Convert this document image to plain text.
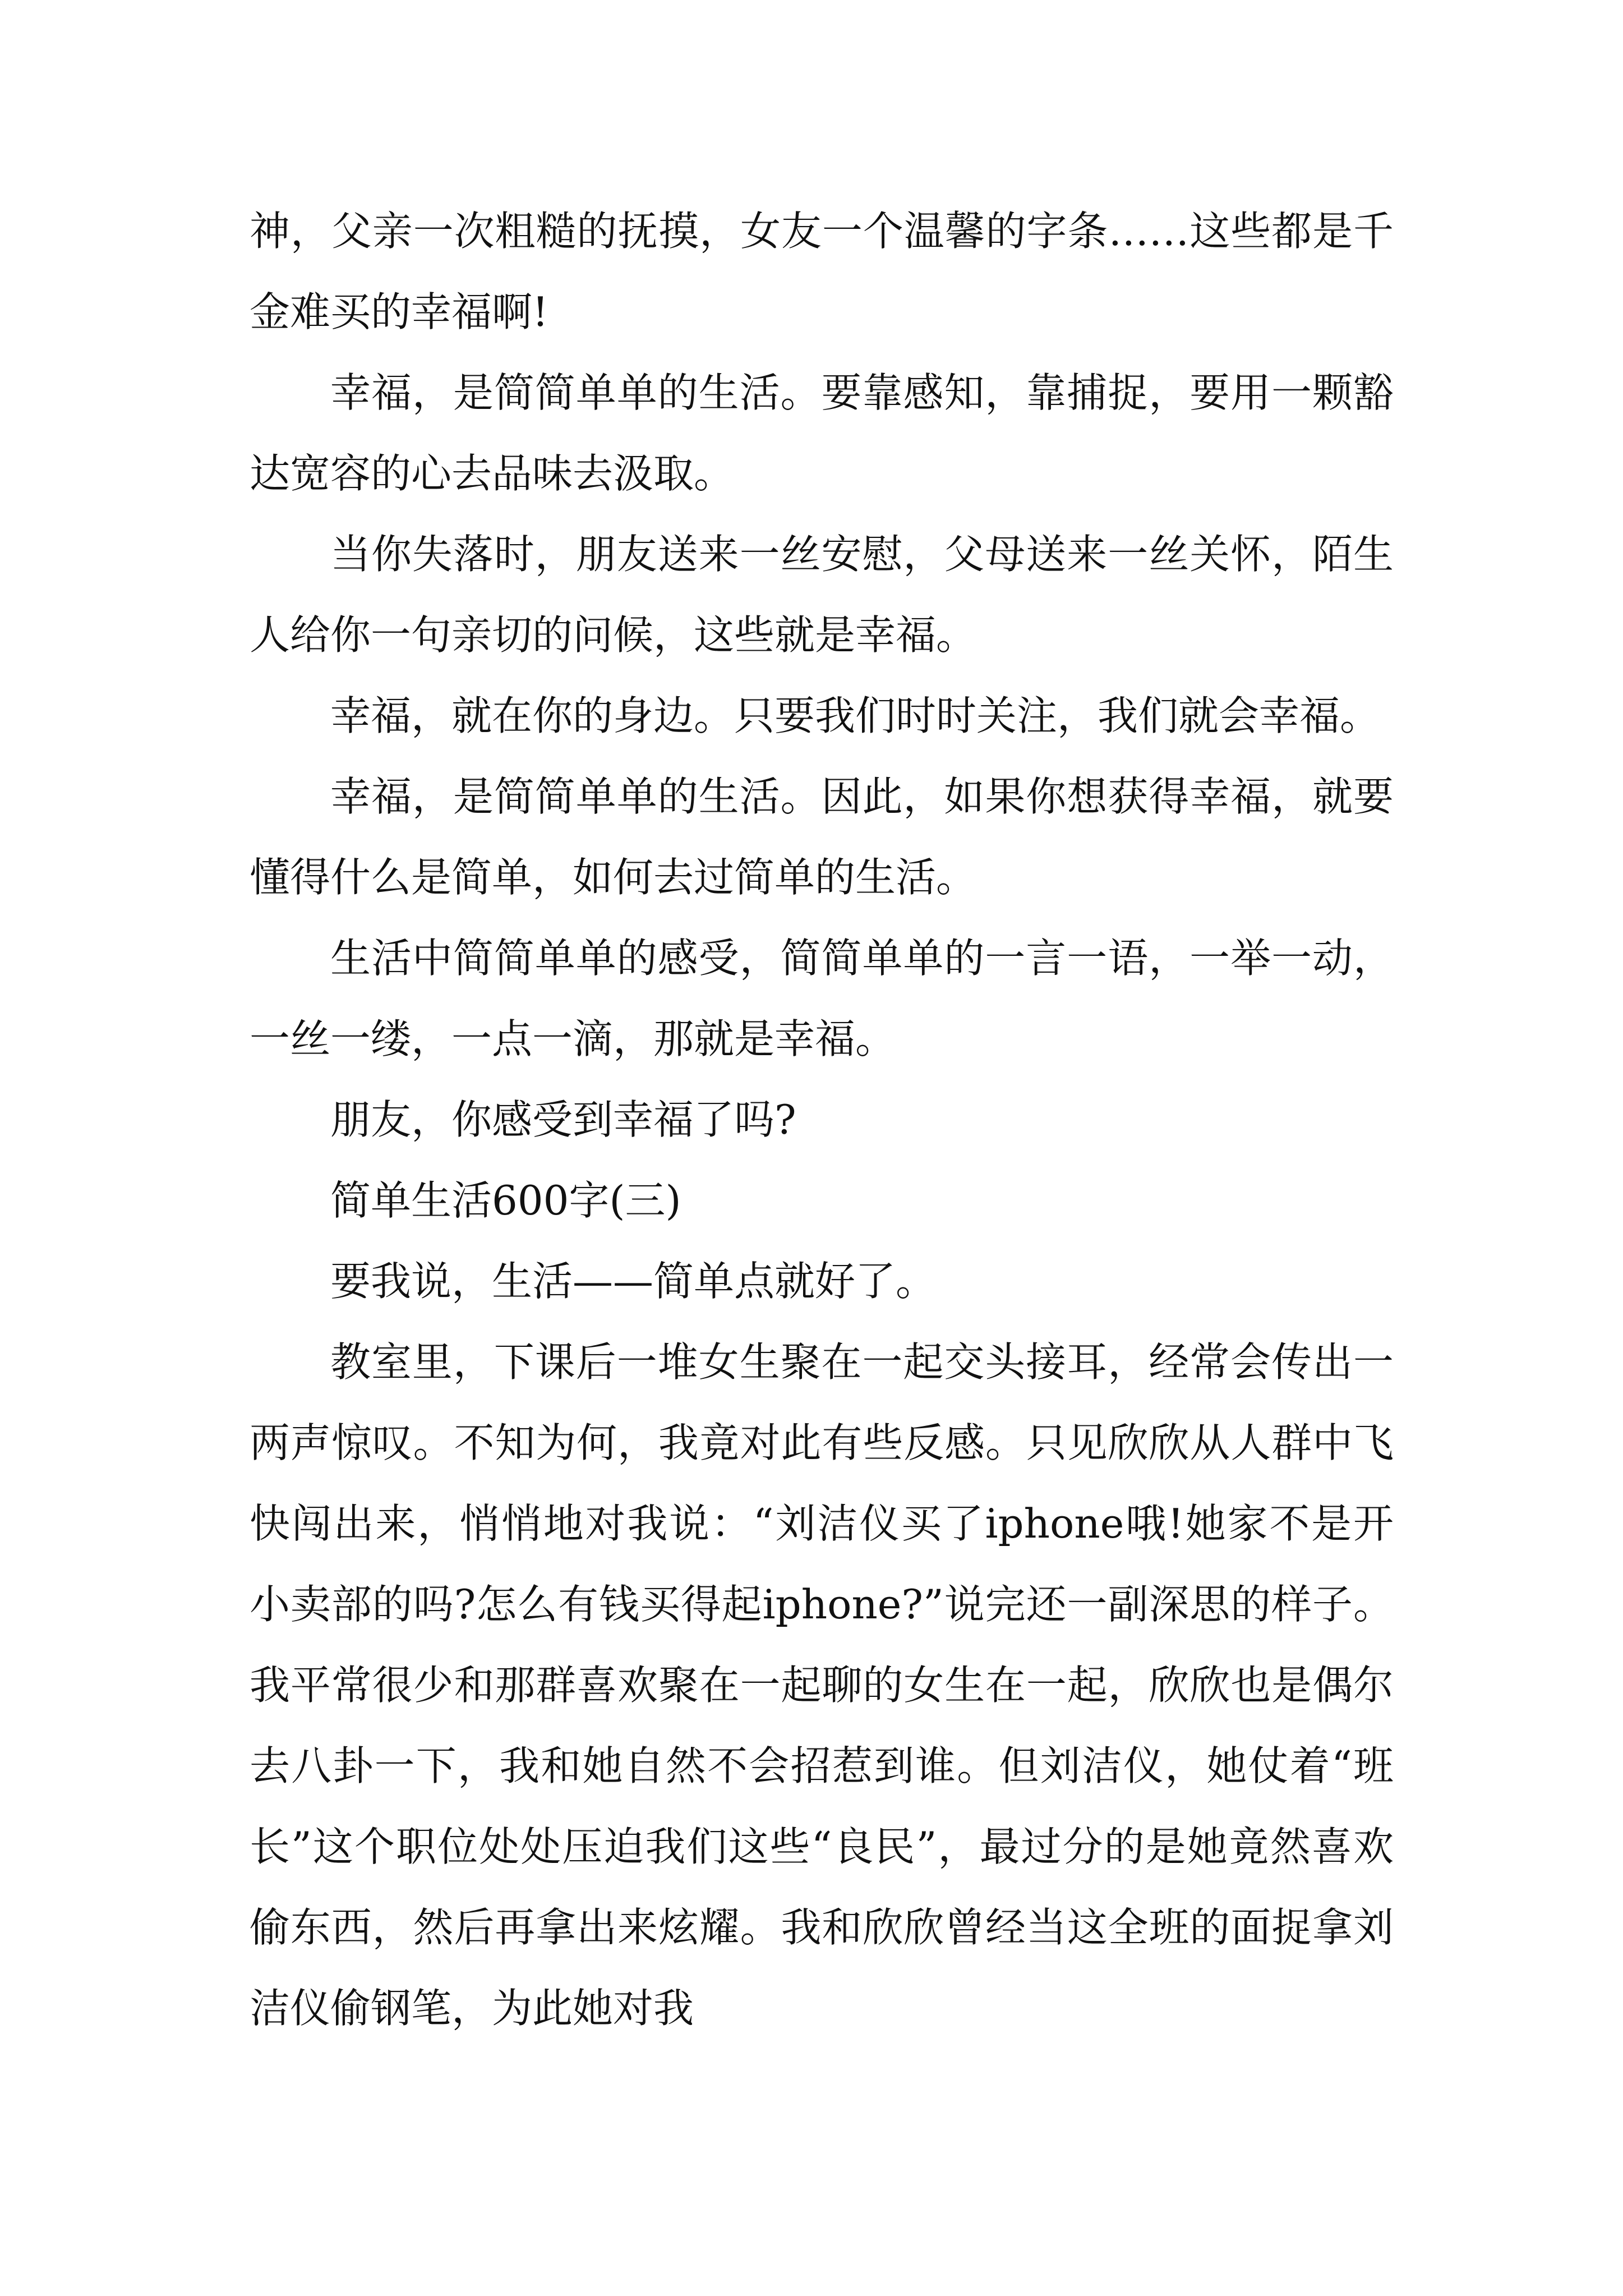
神，父亲一次粗糙的抚摸，女友一个温馨的字条……这些都是千金难买的幸福啊!

幸福，是简简单单的生活。要靠感知，靠捕捉，要用一颗豁达宽容的心去品味去汲取。

当你失落时，朋友送来一丝安慰，父母送来一丝关怀，陌生人给你一句亲切的问候，这些就是幸福。

幸福，就在你的身边。只要我们时时关注，我们就会幸福。

幸福，是简简单单的生活。因此，如果你想获得幸福，就要懂得什么是简单，如何去过简单的生活。

生活中简简单单的感受，简简单单的一言一语，一举一动，一丝一缕，一点一滴，那就是幸福。

朋友，你感受到幸福了吗?

简单生活600字(三)

要我说，生活——简单点就好了。

教室里，下课后一堆女生聚在一起交头接耳，经常会传出一两声惊叹。不知为何，我竟对此有些反感。只见欣欣从人群中飞快闯出来，悄悄地对我说：“刘洁仪买了iphone哦!她家不是开小卖部的吗?怎么有钱买得起iphone?”说完还一副深思的样子。我平常很少和那群喜欢聚在一起聊的女生在一起，欣欣也是偶尔去八卦一下，我和她自然不会招惹到谁。但刘洁仪，她仗着“班长”这个职位处处压迫我们这些“良民”，最过分的是她竟然喜欢偷东西，然后再拿出来炫耀。我和欣欣曾经当这全班的面捉拿刘洁仪偷钢笔，为此她对我
